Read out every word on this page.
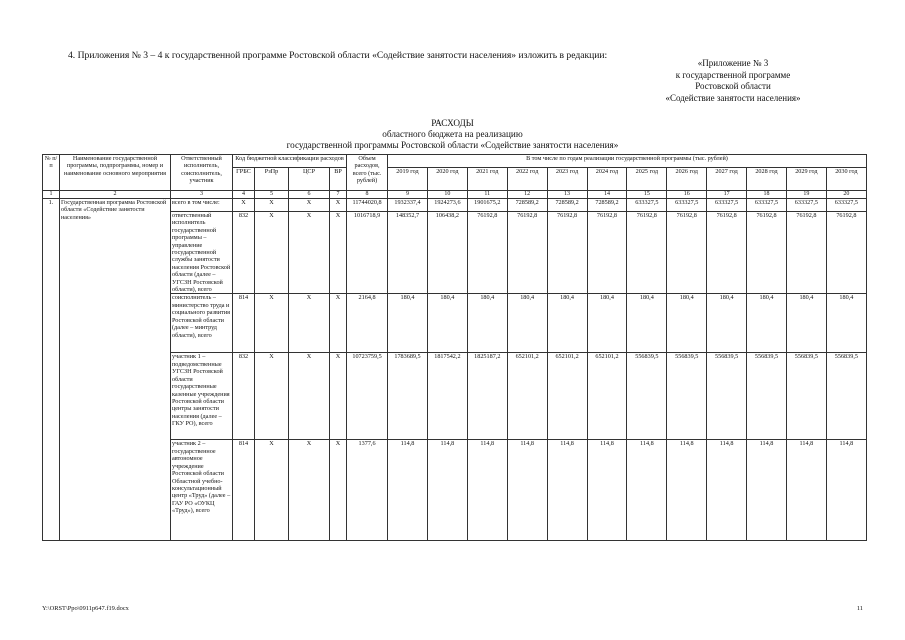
4. Приложения № 3 – 4 к государственной программе Ростовской области «Содействие занятости населения» изложить в редакции:
«Приложение № 3
к государственной программе
Ростовской области
«Содействие занятости населения»
РАСХОДЫ
областного бюджета на реализацию
государственной программы Ростовской области «Содействие занятости населения»
№ п/п	Наименование государственной программы, подпрограммы, номер и наименование основного мероприятия	Ответственный исполнитель, соисполнитель, участник	Код бюджетной классификации расходов				Объем расходов, всего (тыс. рублей)	В том числе по годам реализации государственной программы (тыс. рублей)											
			ГРБС	РзПр	ЦСР	ВР		2019 год	2020 год	2021 год	2022 год	2023 год	2024 год	2025 год	2026 год	2027 год	2028 год	2029 год	2030 год
1	2	3	4	5	6	7	8	9	10	11	12	13	14	15	16	17	18	19	20
1.	Государственная программа Ростовской области «Содействие занятости населения»	всего в том числе:	X	X	X	X	11744020,8	1932337,4	1924273,6	1901675,2	728589,2	728589,2	728589,2	633327,5	633327,5	633327,5	633327,5	633327,5	633327,5
		ответственный исполнитель государственной программы – управление государственной службы занятости населения Ростовской области (далее – УГСЗН Ростовской области), всего	832	X	X	X	1016718,9	148352,7	106438,2	76192,8	76192,8	76192,8	76192,8	76192,8	76192,8	76192,8	76192,8	76192,8	76192,8
		соисполнитель – министерство труда и социального развития Ростовской области (далее – минтруд области), всего	814	X	X	X	2164,8	180,4	180,4	180,4	180,4	180,4	180,4	180,4	180,4	180,4	180,4	180,4	180,4
		участник 1 – подведомственные УГСЗН Ростовской области государственные казенные учреждения Ростовской области центры занятости населения (далее – ГКУ РО), всего	832	X	X	X	10723759,5	1783689,5	1817542,2	1825187,2	652101,2	652101,2	652101,2	556839,5	556839,5	556839,5	556839,5	556839,5	556839,5
		участник 2 – государственное автономное учреждение Ростовской области Областной учебно-консультационный центр «Труд» (далее – ГАУ РО «ОУКЦ «Труд»), всего	814	X	X	X	1377,6	114,8	114,8	114,8	114,8	114,8	114,8	114,8	114,8	114,8	114,8	114,8	114,8
Y:\ORST\Ppo\0911p647.f19.docx	11
